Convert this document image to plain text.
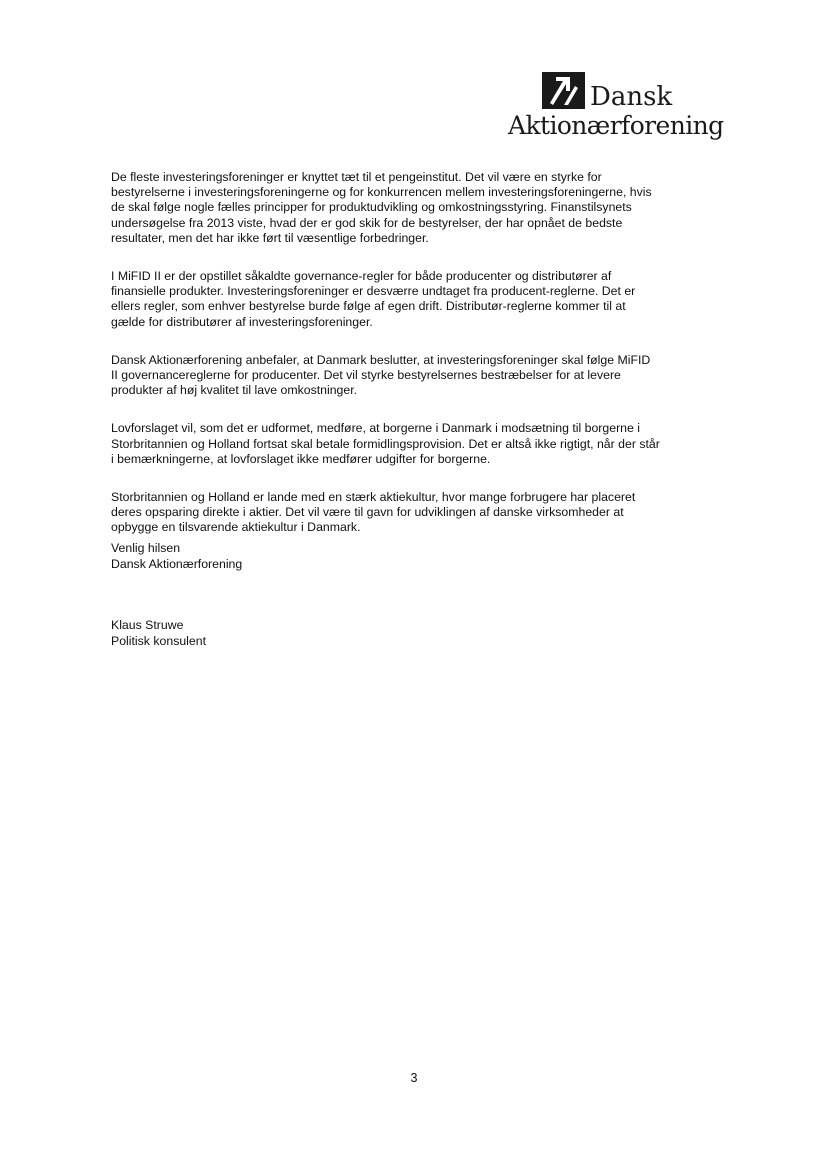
Dansk
Aktionærforening

De fleste investeringsforeninger er knyttet tæt til et pengeinstitut. Det vil være en styrke for
bestyrelserne i investeringsforeningerne og for konkurrencen mellem investeringsforeningerne, hvis
de skal følge nogle fælles principper for produktudvikling og omkostningsstyring. Finanstilsynets
undersøgelse fra 2013 viste, hvad der er god skik for de bestyrelser, der har opnået de bedste
resultater, men det har ikke ført til væsentlige forbedringer.

I MiFID II er der opstillet såkaldte governance-regler for både producenter og distributører af
finansielle produkter. Investeringsforeninger er desværre undtaget fra producent-reglerne. Det er
ellers regler, som enhver bestyrelse burde følge af egen drift. Distributør-reglerne kommer til at
gælde for distributører af investeringsforeninger.

Dansk Aktionærforening anbefaler, at Danmark beslutter, at investeringsforeninger skal følge MiFID
II governancereglerne for producenter. Det vil styrke bestyrelsernes bestræbelser for at levere
produkter af høj kvalitet til lave omkostninger.

Lovforslaget vil, som det er udformet, medføre, at borgerne i Danmark i modsætning til borgerne i
Storbritannien og Holland fortsat skal betale formidlingsprovision. Det er altså ikke rigtigt, når der står
i bemærkningerne, at lovforslaget ikke medfører udgifter for borgerne.

Storbritannien og Holland er lande med en stærk aktiekultur, hvor mange forbrugere har placeret
deres opsparing direkte i aktier. Det vil være til gavn for udviklingen af danske virksomheder at
opbygge en tilsvarende aktiekultur i Danmark.

Venlig hilsen
Dansk Aktionærforening
Klaus Struwe
Politisk konsulent
3
